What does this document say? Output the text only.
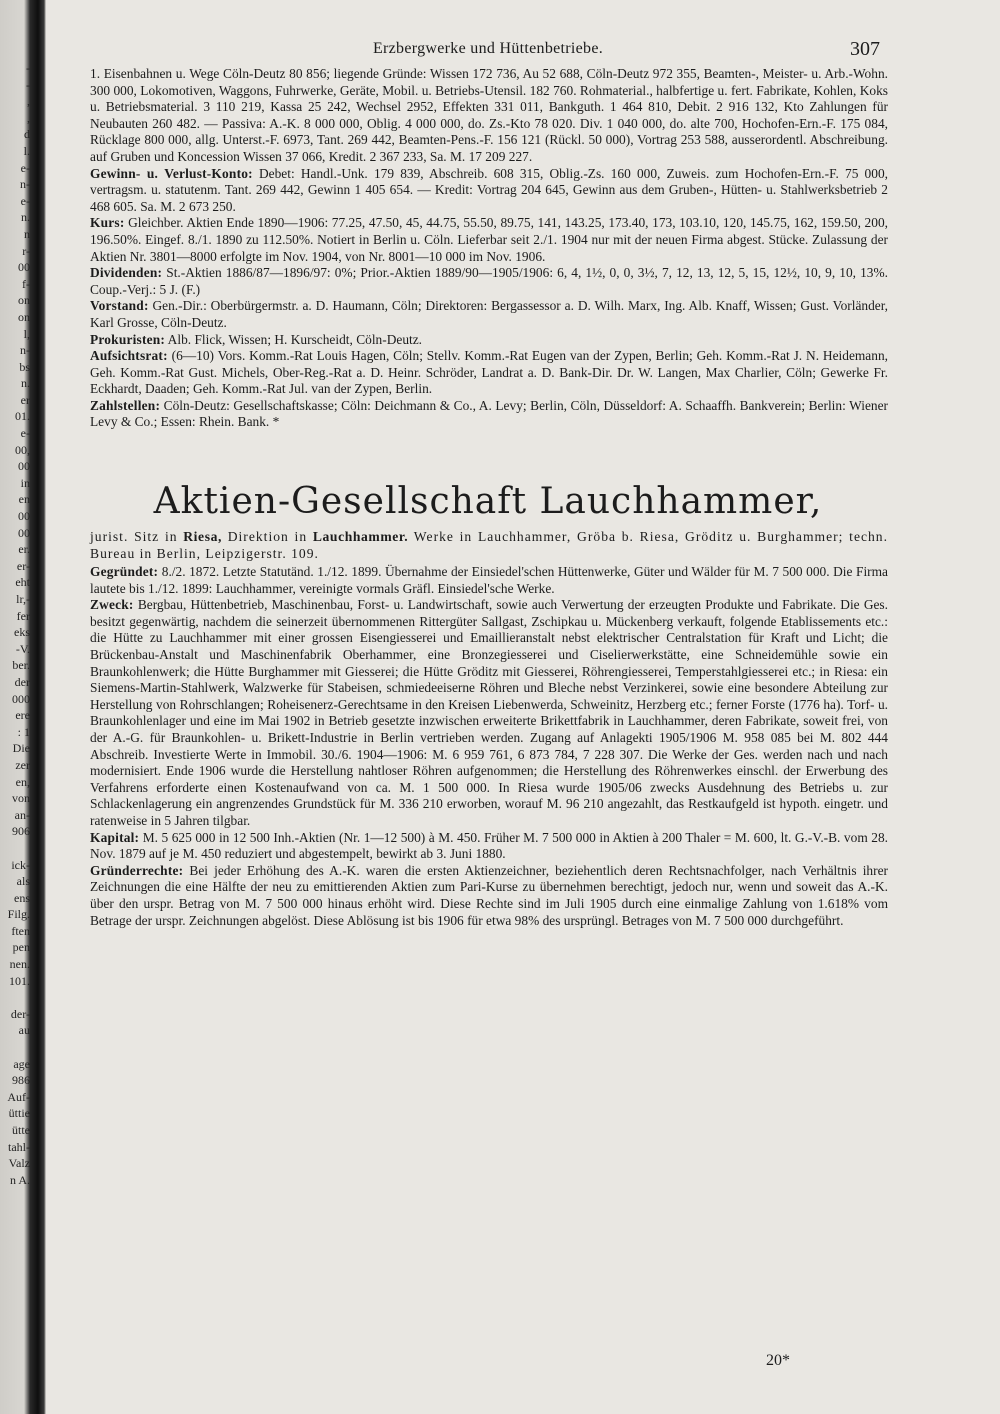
-
-
,
,
d
l.
e-
n-
e-
n.
n
r-
00
f-
on
on
l,
n-
bs
n.
er
01.
e-
00,
00
in
en
00
00
er.
er-
eht
lr,-
fer
eks
-V.
ber.
der
000
ere
: 1
Die
zer
en,
von
an-
906
ick-
als
ens
Filg.
ften
pen
nen.
101.
der-
au
age
986
Auf-
üttie
ütte
tahl-
Valz
n A.
Erzbergwerke und Hüttenbetriebe.	307

1. Eisenbahnen u. Wege Cöln-Deutz 80 856; liegende Gründe: Wissen 172 736, Au 52 688, Cöln-Deutz 972 355, Beamten-, Meister- u. Arb.-Wohn. 300 000, Lokomotiven, Waggons, Fuhrwerke, Geräte, Mobil. u. Betriebs-Utensil. 182 760. Rohmaterial., halbfertige u. fert. Fabrikate, Kohlen, Koks u. Betriebsmaterial. 3 110 219, Kassa 25 242, Wechsel 2952, Effekten 331 011, Bankguth. 1 464 810, Debit. 2 916 132, Kto Zahlungen für Neubauten 260 482. — Passiva: A.-K. 8 000 000, Oblig. 4 000 000, do. Zs.-Kto 78 020. Div. 1 040 000, do. alte 700, Hochofen-Ern.-F. 175 084, Rücklage 800 000, allg. Unterst.-F. 6973, Tant. 269 442, Beamten-Pens.-F. 156 121 (Rückl. 50 000), Vortrag 253 588, ausserordentl. Abschreibung. auf Gruben und Koncession Wissen 37 066, Kredit. 2 367 233, Sa. M. 17 209 227.

Gewinn- u. Verlust-Konto: Debet: Handl.-Unk. 179 839, Abschreib. 608 315, Oblig.-Zs. 160 000, Zuweis. zum Hochofen-Ern.-F. 75 000, vertragsm. u. statutenm. Tant. 269 442, Gewinn 1 405 654. — Kredit: Vortrag 204 645, Gewinn aus dem Gruben-, Hütten- u. Stahlwerksbetrieb 2 468 605. Sa. M. 2 673 250.

Kurs: Gleichber. Aktien Ende 1890—1906: 77.25, 47.50, 45, 44.75, 55.50, 89.75, 141, 143.25, 173.40, 173, 103.10, 120, 145.75, 162, 159.50, 200, 196.50%. Eingef. 8./1. 1890 zu 112.50%. Notiert in Berlin u. Cöln. Lieferbar seit 2./1. 1904 nur mit der neuen Firma abgest. Stücke. Zulassung der Aktien Nr. 3801—8000 erfolgte im Nov. 1904, von Nr. 8001—10 000 im Nov. 1906.

Dividenden: St.-Aktien 1886/87—1896/97: 0%; Prior.-Aktien 1889/90—1905/1906: 6, 4, 1½, 0, 0, 3½, 7, 12, 13, 12, 5, 15, 12½, 10, 9, 10, 13%. Coup.-Verj.: 5 J. (F.)

Vorstand: Gen.-Dir.: Oberbürgermstr. a. D. Haumann, Cöln; Direktoren: Bergassessor a. D. Wilh. Marx, Ing. Alb. Knaff, Wissen; Gust. Vorländer, Karl Grosse, Cöln-Deutz.

Prokuristen: Alb. Flick, Wissen; H. Kurscheidt, Cöln-Deutz.

Aufsichtsrat: (6—10) Vors. Komm.-Rat Louis Hagen, Cöln; Stellv. Komm.-Rat Eugen van der Zypen, Berlin; Geh. Komm.-Rat J. N. Heidemann, Geh. Komm.-Rat Gust. Michels, Ober-Reg.-Rat a. D. Heinr. Schröder, Landrat a. D. Bank-Dir. Dr. W. Langen, Max Charlier, Cöln; Gewerke Fr. Eckhardt, Daaden; Geh. Komm.-Rat Jul. van der Zypen, Berlin.

Zahlstellen: Cöln-Deutz: Gesellschaftskasse; Cöln: Deichmann & Co., A. Levy; Berlin, Cöln, Düsseldorf: A. Schaaffh. Bankverein; Berlin: Wiener Levy & Co.; Essen: Rhein. Bank. *

Aktien-Gesellschaft Lauchhammer,
jurist. Sitz in Riesa, Direktion in Lauchhammer. Werke in Lauchhammer, Gröba b. Riesa, Gröditz u. Burghammer; techn. Bureau in Berlin, Leipzigerstr. 109.

Gegründet: 8./2. 1872. Letzte Statutänd. 1./12. 1899. Übernahme der Einsiedel'schen Hüttenwerke, Güter und Wälder für M. 7 500 000. Die Firma lautete bis 1./12. 1899: Lauchhammer, vereinigte vormals Gräfl. Einsiedel'sche Werke.

Zweck: Bergbau, Hüttenbetrieb, Maschinenbau, Forst- u. Landwirtschaft, sowie auch Verwertung der erzeugten Produkte und Fabrikate. Die Ges. besitzt gegenwärtig, nachdem die seinerzeit übernommenen Rittergüter Sallgast, Zschipkau u. Mückenberg verkauft, folgende Etablissements etc.: die Hütte zu Lauchhammer mit einer grossen Eisengiesserei und Emaillieranstalt nebst elektrischer Centralstation für Kraft und Licht; die Brückenbau-Anstalt und Maschinenfabrik Oberhammer, eine Bronzegiesserei und Ciselierwerkstätte, eine Schneidemühle sowie ein Braunkohlenwerk; die Hütte Burghammer mit Giesserei; die Hütte Gröditz mit Giesserei, Röhrengiesserei, Temperstahlgiesserei etc.; in Riesa: ein Siemens-Martin-Stahlwerk, Walzwerke für Stabeisen, schmiedeeiserne Röhren und Bleche nebst Verzinkerei, sowie eine besondere Abteilung zur Herstellung von Rohrschlangen; Roheisenerz-Gerechtsame in den Kreisen Liebenwerda, Schweinitz, Herzberg etc.; ferner Forste (1776 ha). Torf- u. Braunkohlenlager und eine im Mai 1902 in Betrieb gesetzte inzwischen erweiterte Brikettfabrik in Lauchhammer, deren Fabrikate, soweit frei, von der A.-G. für Braunkohlen- u. Brikett-Industrie in Berlin vertrieben werden. Zugang auf Anlagekti 1905/1906 M. 958 085 bei M. 802 444 Abschreib. Investierte Werte in Immobil. 30./6. 1904—1906: M. 6 959 761, 6 873 784, 7 228 307. Die Werke der Ges. werden nach und nach modernisiert. Ende 1906 wurde die Herstellung nahtloser Röhren aufgenommen; die Herstellung des Röhrenwerkes einschl. der Erwerbung des Verfahrens erforderte einen Kostenaufwand von ca. M. 1 500 000. In Riesa wurde 1905/06 zwecks Ausdehnung des Betriebs u. zur Schlackenlagerung ein angrenzendes Grundstück für M. 336 210 erworben, worauf M. 96 210 angezahlt, das Restkaufgeld ist hypoth. eingetr. und ratenweise in 5 Jahren tilgbar.

Kapital: M. 5 625 000 in 12 500 Inh.-Aktien (Nr. 1—12 500) à M. 450. Früher M. 7 500 000 in Aktien à 200 Thaler = M. 600, lt. G.-V.-B. vom 28. Nov. 1879 auf je M. 450 reduziert und abgestempelt, bewirkt ab 3. Juni 1880.

Gründerrechte: Bei jeder Erhöhung des A.-K. waren die ersten Aktienzeichner, beziehentlich deren Rechtsnachfolger, nach Verhältnis ihrer Zeichnungen die eine Hälfte der neu zu emittierenden Aktien zum Pari-Kurse zu übernehmen berechtigt, jedoch nur, wenn und soweit das A.-K. über den urspr. Betrag von M. 7 500 000 hinaus erhöht wird. Diese Rechte sind im Juli 1905 durch eine einmalige Zahlung von 1.618% vom Betrage der urspr. Zeichnungen abgelöst. Diese Ablösung ist bis 1906 für etwa 98% des ursprüngl. Betrages von M. 7 500 000 durchgeführt.

20*
